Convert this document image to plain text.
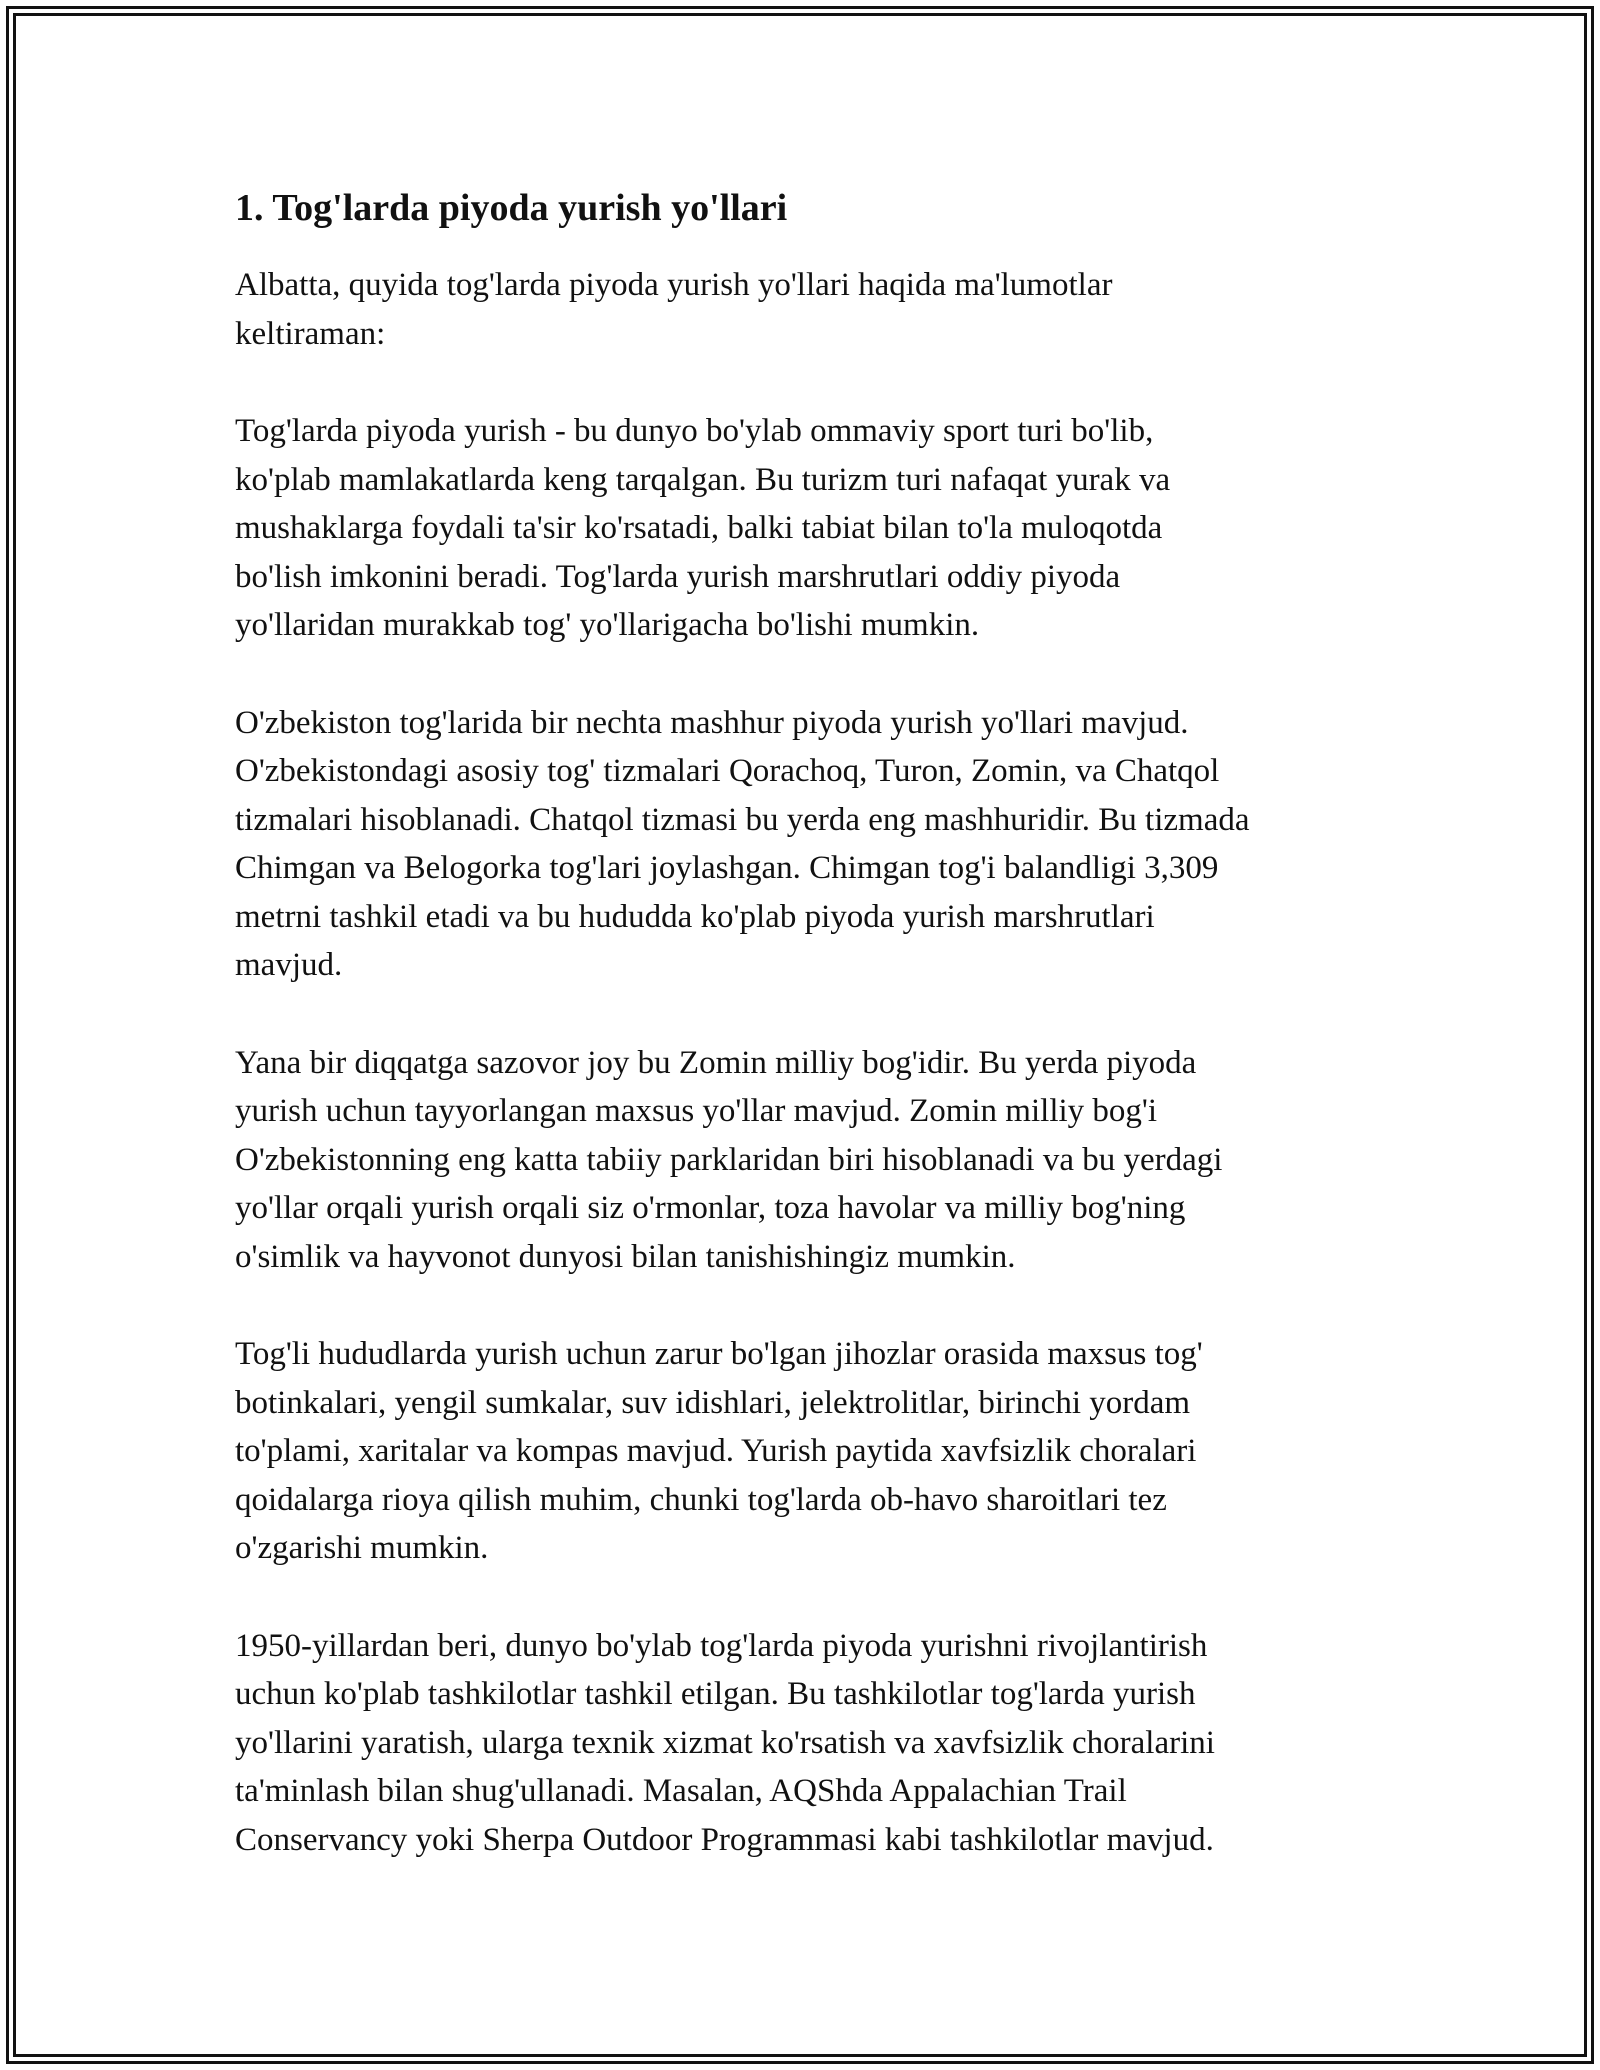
1. Tog'larda piyoda yurish yo'llari

Albatta, quyida tog'larda piyoda yurish yo'llari haqida ma'lumotlar
keltiraman:

Tog'larda piyoda yurish - bu dunyo bo'ylab ommaviy sport turi bo'lib,
ko'plab mamlakatlarda keng tarqalgan. Bu turizm turi nafaqat yurak va
mushaklarga foydali ta'sir ko'rsatadi, balki tabiat bilan to'la muloqotda
bo'lish imkonini beradi. Tog'larda yurish marshrutlari oddiy piyoda
yo'llaridan murakkab tog' yo'llarigacha bo'lishi mumkin.

O'zbekiston tog'larida bir nechta mashhur piyoda yurish yo'llari mavjud.
O'zbekistondagi asosiy tog' tizmalari Qorachoq, Turon, Zomin, va Chatqol
tizmalari hisoblanadi. Chatqol tizmasi bu yerda eng mashhuridir. Bu tizmada
Chimgan va Belogorka tog'lari joylashgan. Chimgan tog'i balandligi 3,309
metrni tashkil etadi va bu hududda ko'plab piyoda yurish marshrutlari
mavjud.

Yana bir diqqatga sazovor joy bu Zomin milliy bog'idir. Bu yerda piyoda
yurish uchun tayyorlangan maxsus yo'llar mavjud. Zomin milliy bog'i
O'zbekistonning eng katta tabiiy parklaridan biri hisoblanadi va bu yerdagi
yo'llar orqali yurish orqali siz o'rmonlar, toza havolar va milliy bog'ning
o'simlik va hayvonot dunyosi bilan tanishishingiz mumkin.

Tog'li hududlarda yurish uchun zarur bo'lgan jihozlar orasida maxsus tog'
botinkalari, yengil sumkalar, suv idishlari, jelektrolitlar, birinchi yordam
to'plami, xaritalar va kompas mavjud. Yurish paytida xavfsizlik choralari
qoidalarga rioya qilish muhim, chunki tog'larda ob-havo sharoitlari tez
o'zgarishi mumkin.

1950-yillardan beri, dunyo bo'ylab tog'larda piyoda yurishni rivojlantirish
uchun ko'plab tashkilotlar tashkil etilgan. Bu tashkilotlar tog'larda yurish
yo'llarini yaratish, ularga texnik xizmat ko'rsatish va xavfsizlik choralarini
ta'minlash bilan shug'ullanadi. Masalan, AQShda Appalachian Trail
Conservancy yoki Sherpa Outdoor Programmasi kabi tashkilotlar mavjud.
